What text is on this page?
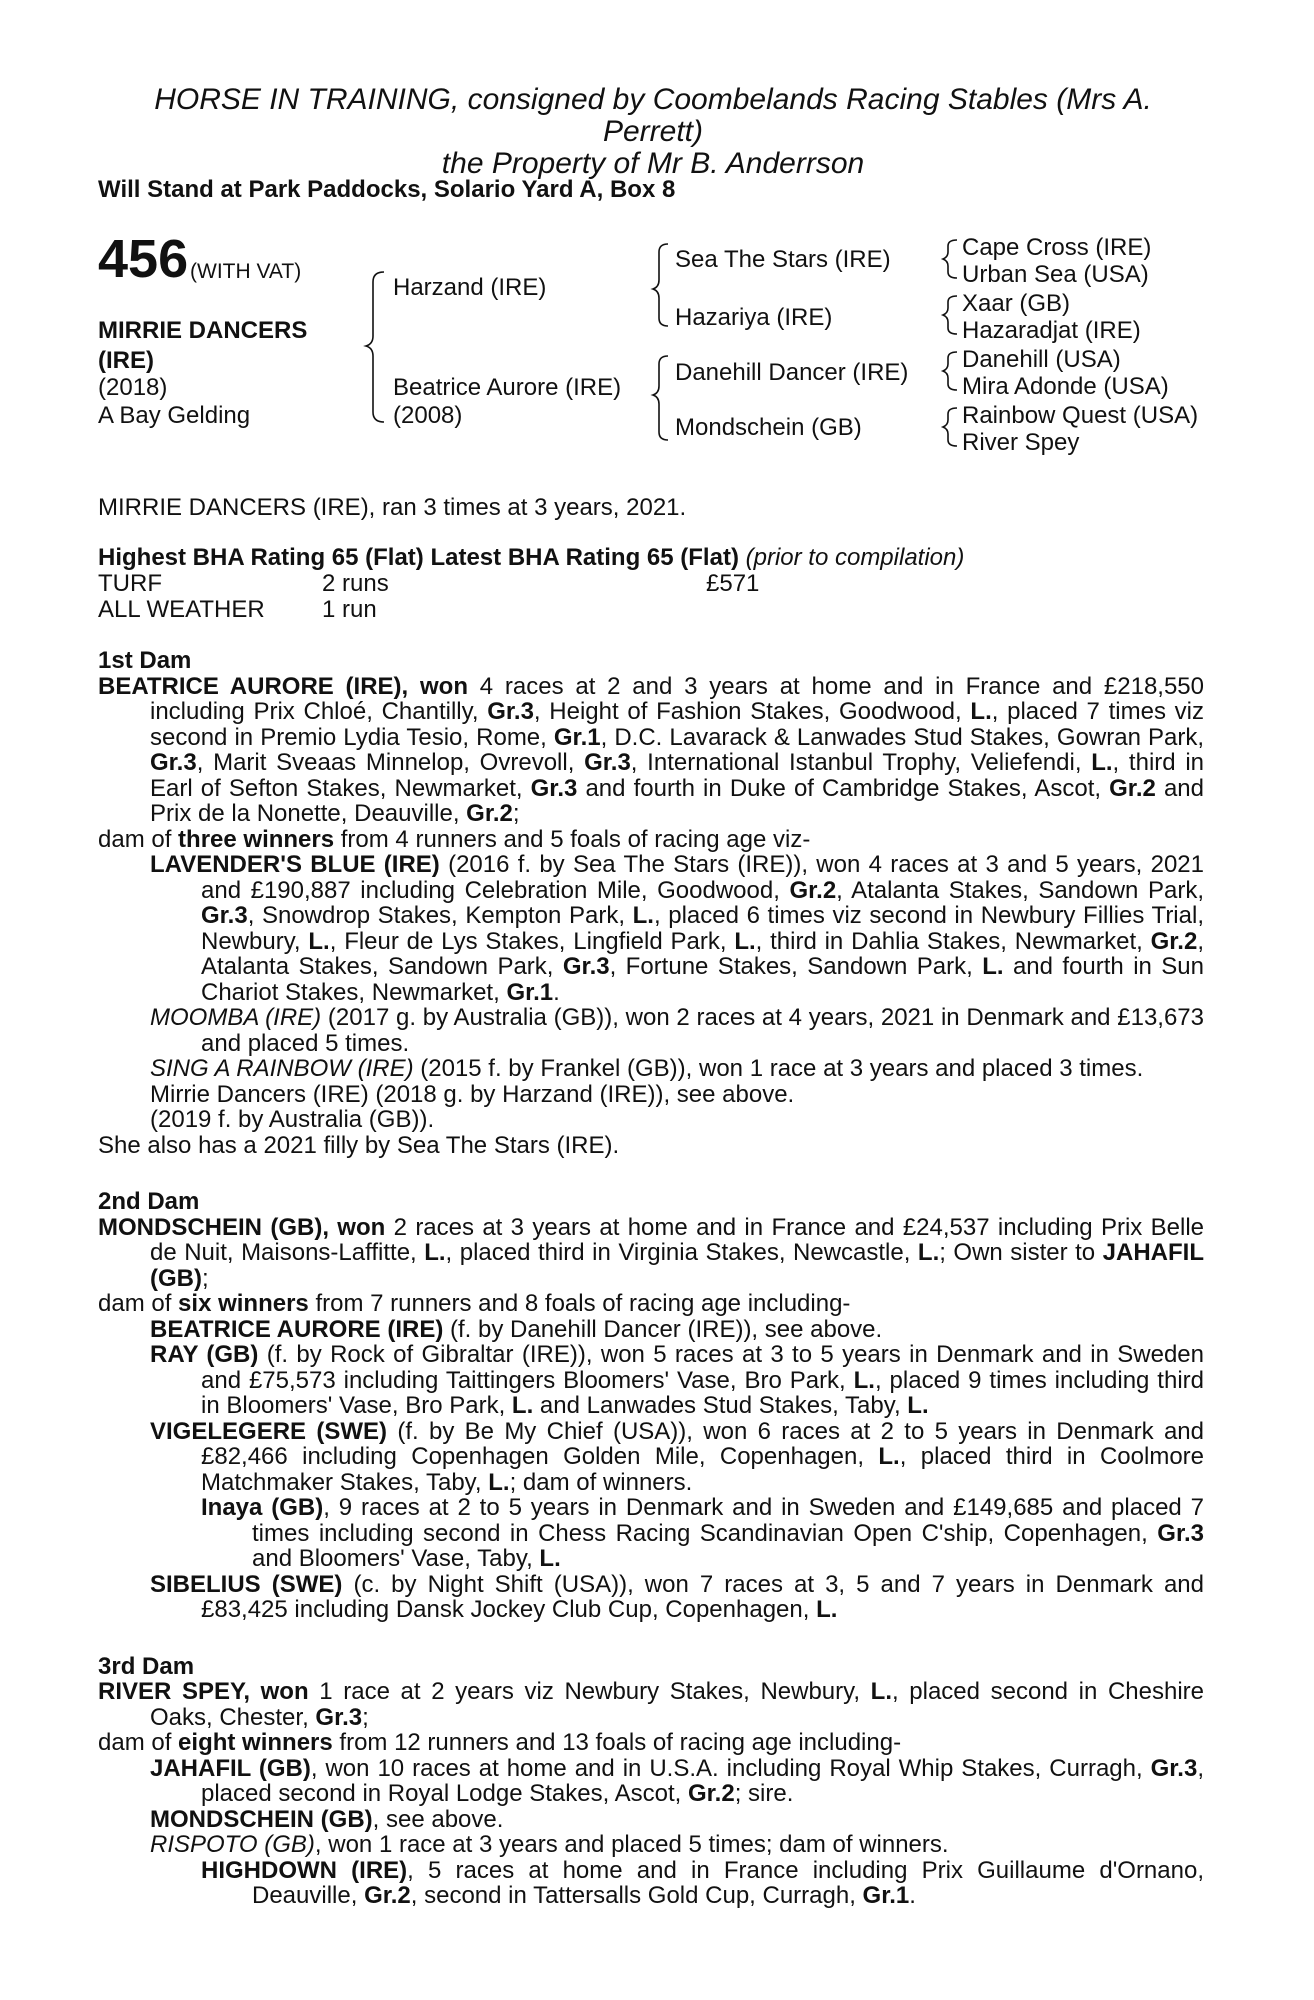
HORSE IN TRAINING, consigned by Coombelands Racing Stables (Mrs A.
Perrett)
the Property of Mr B. Anderrson
Will Stand at Park Paddocks, Solario Yard A, Box 8
456 (WITH VAT)
MIRRIE DANCERS
(IRE)
(2018)
A Bay Gelding
Harzand (IRE)
Beatrice Aurore (IRE)
(2008)
Sea The Stars (IRE)
Hazariya (IRE)
Danehill Dancer (IRE)
Mondschein (GB)
Cape Cross (IRE)
Urban Sea (USA)
Xaar (GB)
Hazaradjat (IRE)
Danehill (USA)
Mira Adonde (USA)
Rainbow Quest (USA)
River Spey
MIRRIE DANCERS (IRE), ran 3 times at 3 years, 2021.
Highest BHA Rating 65 (Flat) Latest BHA Rating 65 (Flat) (prior to compilation)
TURF	2 runs	£571
ALL WEATHER 1 run

1st Dam

BEATRICE AURORE (IRE), won 4 races at 2 and 3 years at home and in France and £218,550 including Prix Chloé, Chantilly, Gr.3, Height of Fashion Stakes, Goodwood, L., placed 7 times viz second in Premio Lydia Tesio, Rome, Gr.1, D.C. Lavarack & Lanwades Stud Stakes, Gowran Park, Gr.3, Marit Sveaas Minnelop, Ovrevoll, Gr.3, International Istanbul Trophy, Veliefendi, L., third in Earl of Sefton Stakes, Newmarket, Gr.3 and fourth in Duke of Cambridge Stakes, Ascot, Gr.2 and Prix de la Nonette, Deauville, Gr.2;

dam of three winners from 4 runners and 5 foals of racing age viz-

LAVENDER'S BLUE (IRE) (2016 f. by Sea The Stars (IRE)), won 4 races at 3 and 5 years, 2021 and £190,887 including Celebration Mile, Goodwood, Gr.2, Atalanta Stakes, Sandown Park, Gr.3, Snowdrop Stakes, Kempton Park, L., placed 6 times viz second in Newbury Fillies Trial, Newbury, L., Fleur de Lys Stakes, Lingfield Park, L., third in Dahlia Stakes, Newmarket, Gr.2, Atalanta Stakes, Sandown Park, Gr.3, Fortune Stakes, Sandown Park, L. and fourth in Sun Chariot Stakes, Newmarket, Gr.1.

MOOMBA (IRE) (2017 g. by Australia (GB)), won 2 races at 4 years, 2021 in Denmark and £13,673 and placed 5 times.

SING A RAINBOW (IRE) (2015 f. by Frankel (GB)), won 1 race at 3 years and placed 3 times.

Mirrie Dancers (IRE) (2018 g. by Harzand (IRE)), see above.

(2019 f. by Australia (GB)).

She also has a 2021 filly by Sea The Stars (IRE).

2nd Dam

MONDSCHEIN (GB), won 2 races at 3 years at home and in France and £24,537 including Prix Belle de Nuit, Maisons-Laffitte, L., placed third in Virginia Stakes, Newcastle, L.; Own sister to JAHAFIL (GB);

dam of six winners from 7 runners and 8 foals of racing age including-

BEATRICE AURORE (IRE) (f. by Danehill Dancer (IRE)), see above.

RAY (GB) (f. by Rock of Gibraltar (IRE)), won 5 races at 3 to 5 years in Denmark and in Sweden and £75,573 including Taittingers Bloomers' Vase, Bro Park, L., placed 9 times including third in Bloomers' Vase, Bro Park, L. and Lanwades Stud Stakes, Taby, L.

VIGELEGERE (SWE) (f. by Be My Chief (USA)), won 6 races at 2 to 5 years in Denmark and £82,466 including Copenhagen Golden Mile, Copenhagen, L., placed third in Coolmore Matchmaker Stakes, Taby, L.; dam of winners.

Inaya (GB), 9 races at 2 to 5 years in Denmark and in Sweden and £149,685 and placed 7 times including second in Chess Racing Scandinavian Open C'ship, Copenhagen, Gr.3 and Bloomers' Vase, Taby, L.

SIBELIUS (SWE) (c. by Night Shift (USA)), won 7 races at 3, 5 and 7 years in Denmark and £83,425 including Dansk Jockey Club Cup, Copenhagen, L.

3rd Dam

RIVER SPEY, won 1 race at 2 years viz Newbury Stakes, Newbury, L., placed second in Cheshire Oaks, Chester, Gr.3;

dam of eight winners from 12 runners and 13 foals of racing age including-

JAHAFIL (GB), won 10 races at home and in U.S.A. including Royal Whip Stakes, Curragh, Gr.3, placed second in Royal Lodge Stakes, Ascot, Gr.2; sire.

MONDSCHEIN (GB), see above.

RISPOTO (GB), won 1 race at 3 years and placed 5 times; dam of winners.

HIGHDOWN (IRE), 5 races at home and in France including Prix Guillaume d'Ornano, Deauville, Gr.2, second in Tattersalls Gold Cup, Curragh, Gr.1.
